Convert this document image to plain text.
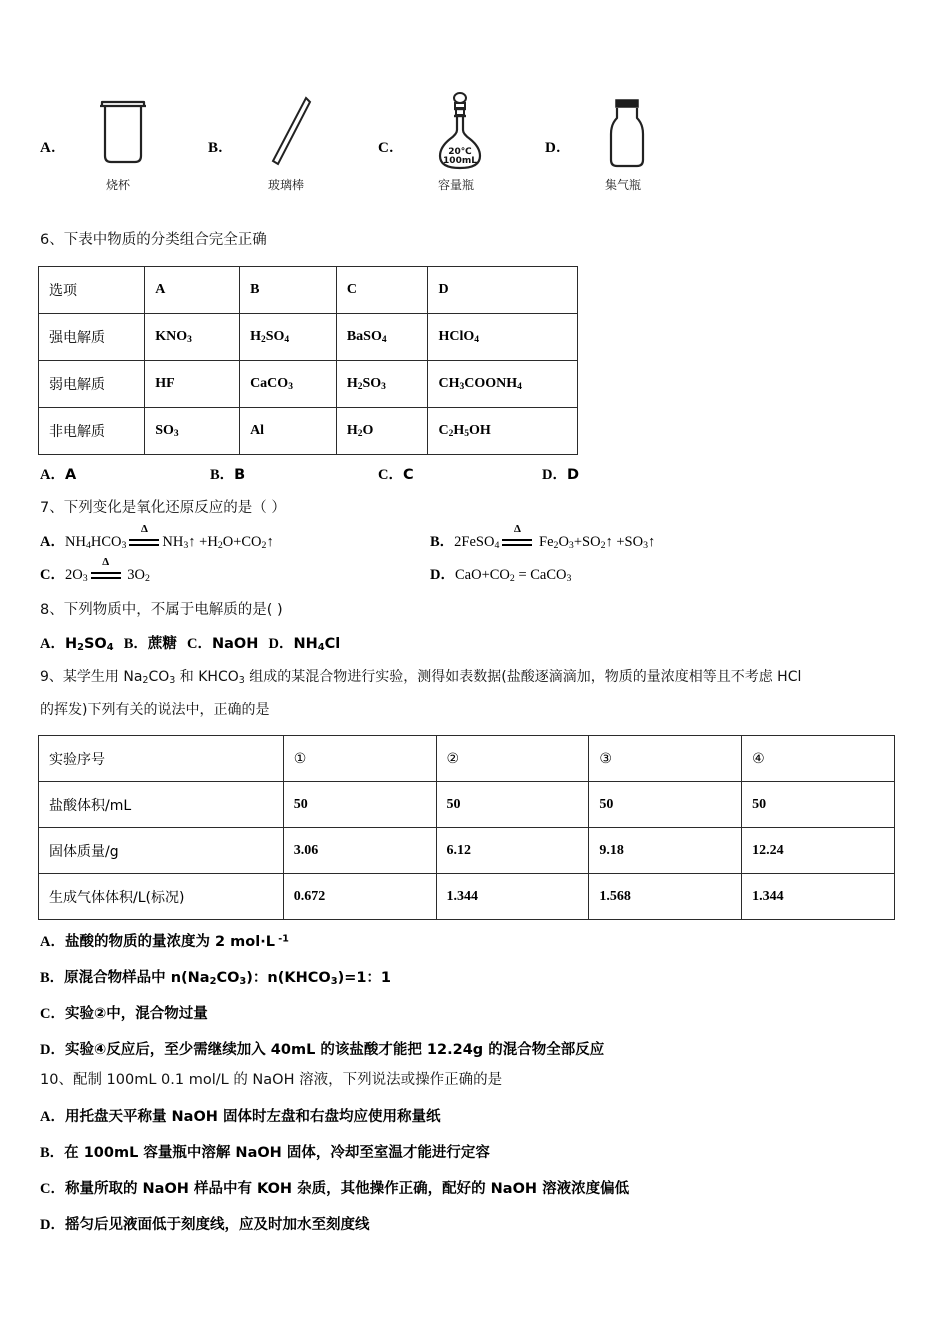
A.
烧杯
B.
玻璃棒
C.	20℃
100mL
容量瓶
D.
集气瓶
6、下表中物质的分类组合完全正确
选项	A	B	C	D
强电解质	$KNO_3$	$H_2SO_4$	BaSO$_4$	HClO$_4$
弱电解质	HF	CaCO$_3$	$H_2SO_3$	$CH_3COONH_4$
非电解质	$SO_3$	Al	$H_2O$	$C_2H_5OH$
A．A	B．B	C．C	D．D
7、下列变化是氧化还原反应的是（ ）
A．$NH_4HCO_3$
Δ
$NH_3↑$ $+H_2O+CO_2↑$	B．2FeSO$_4$
Δ
$Fe_2O_3+SO_2↑$ $+SO_3↑$
C．$2O_3$
Δ
$3O_2$	D．$CaO+CO_2$ = CaCO$_3$
8、下列物质中，不属于电解质的是( )
A．$H_2SO_4$ B．蔗糖 C．NaOH D．$NH_4Cl$
9、某学生用 $Na_2CO_3$ 和 $KHCO_3$ 组成的某混合物进行实验，测得如表数据(盐酸逐滴滴加，物质的量浓度相等且不考虑 HCl
的挥发)下列有关的说法中，正确的是
实验序号	①	②	③	④
盐酸体积/mL	50	50	50	50
固体质量/g	3.06	6.12	9.18	12.24
生成气体体积/L(标况)	0.672	1.344	1.568	1.344
A．盐酸的物质的量浓度为 2 mol·L $^{-1}$
B．原混合物样品中 $n(Na_2CO_3)$：$n(KHCO_3)=1$：1
C．实验②中，混合物过量
D．实验④反应后，至少需继续加入 40mL 的该盐酸才能把 12.24g 的混合物全部反应
10、配制 100mL 0.1 mol/L 的 NaOH 溶液，下列说法或操作正确的是
A．用托盘天平称量 NaOH 固体时左盘和右盘均应使用称量纸
B．在 100mL 容量瓶中溶解 NaOH 固体，冷却至室温才能进行定容
C．称量所取的 NaOH 样品中有 KOH 杂质，其他操作正确，配好的 NaOH 溶液浓度偏低
D．摇匀后见液面低于刻度线，应及时加水至刻度线
